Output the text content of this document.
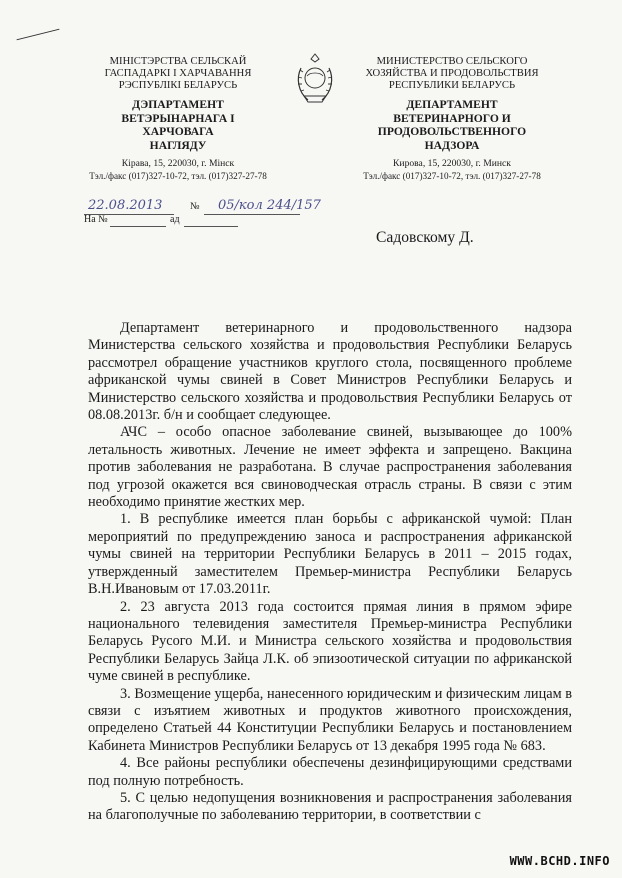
МІНІСТЭРСТВА СЕЛЬСКАЙ
ГАСПАДАРКІ І ХАРЧАВАННЯ
РЭСПУБЛІКІ БЕЛАРУСЬ
ДЭПАРТАМЕНТ
ВЕТЭРЫНАРНАГА І
ХАРЧОВАГА
НАГЛЯДУ
Кірава, 15, 220030, г. Мінск
Тэл./факс (017)327-10-72, тэл. (017)327-27-78
МИНИСТЕРСТВО СЕЛЬСКОГО
ХОЗЯЙСТВА И ПРОДОВОЛЬСТВИЯ
РЕСПУБЛИКИ БЕЛАРУСЬ
ДЕПАРТАМЕНТ
ВЕТЕРИНАРНОГО И
ПРОДОВОЛЬСТВЕННОГО
НАДЗОРА
Кирова, 15, 220030, г. Минск
Тэл./факс (017)327-10-72, тэл. (017)327-27-78
22.08.2013	№ 05/кол 244/157
На №	ад
Садовскому Д.

Департамент ветеринарного и продовольственного надзора Министерства сельского хозяйства и продовольствия Республики Беларусь рассмотрел обращение участников круглого стола, посвященного проблеме африканской чумы свиней в Совет Министров Республики Беларусь и Министерство сельского хозяйства и продовольствия Республики Беларусь от 08.08.2013г. б/н и сообщает следующее.

АЧС – особо опасное заболевание свиней, вызывающее до 100% летальность животных. Лечение не имеет эффекта и запрещено. Вакцина против заболевания не разработана. В случае распространения заболевания под угрозой окажется вся свиноводческая отрасль страны. В связи с этим необходимо принятие жестких мер.

1. В республике имеется план борьбы с африканской чумой: План мероприятий по предупреждению заноса и распространения африканской чумы свиней на территории Республики Беларусь в 2011 – 2015 годах, утвержденный заместителем Премьер-министра Республики Беларусь В.Н.Ивановым от 17.03.2011г.

2. 23 августа 2013 года состоится прямая линия в прямом эфире национального телевидения заместителя Премьер-министра Республики Беларусь Русого М.И. и Министра сельского хозяйства и продовольствия Республики Беларусь Зайца Л.К. об эпизоотической ситуации по африканской чуме свиней в республике.

3. Возмещение ущерба, нанесенного юридическим и физическим лицам в связи с изъятием животных и продуктов животного происхождения, определено Статьей 44 Конституции Республики Беларусь и постановлением Кабинета Министров Республики Беларусь от 13 декабря 1995 года № 683.

4. Все районы республики обеспечены дезинфицирующими средствами под полную потребность.

5. С целью недопущения возникновения и распространения заболевания на благополучные по заболеванию территории, в соответствии с

WWW.BCHD.INFO
